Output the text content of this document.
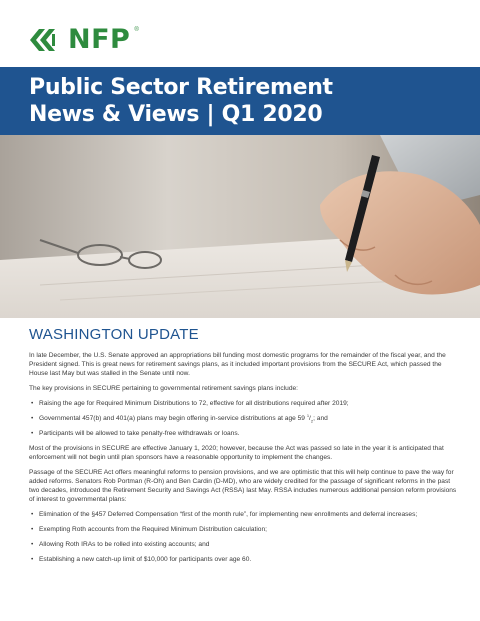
NFP ®
Public Sector Retirement
News & Views | Q1 2020
WASHINGTON UPDATE

In late December, the U.S. Senate approved an appropriations bill funding most domestic programs for the remainder of the fiscal year, and the President signed. This is great news for retirement savings plans, as it included important provisions from the SECURE Act, which passed the House last May but was stalled in the Senate until now.

The key provisions in SECURE pertaining to governmental retirement savings plans include:

• Raising the age for Required Minimum Distributions to 72, effective for all distributions required after 2019;
• Governmental 457(b) and 401(a) plans may begin offering in-service distributions at age 59 $^1/_2$; and
• Participants will be allowed to take penalty-free withdrawals or loans.

Most of the provisions in SECURE are effective January 1, 2020; however, because the Act was passed so late in the year it is anticipated that enforcement will not begin until plan sponsors have a reasonable opportunity to implement the changes.

Passage of the SECURE Act offers meaningful reforms to pension provisions, and we are optimistic that this will help continue to pave the way for added reforms. Senators Rob Portman (R-Oh) and Ben Cardin (D-MD), who are widely credited for the passage of significant reforms in the past two decades, introduced the Retirement Security and Savings Act (RSSA) last May. RSSA includes numerous additional pension reform provisions of interest to governmental plans:

• Elimination of the §457 Deferred Compensation “first of the month rule”, for implementing new enrollments and deferral increases;
• Exempting Roth accounts from the Required Minimum Distribution calculation;
• Allowing Roth IRAs to be rolled into existing accounts; and
• Establishing a new catch-up limit of $10,000 for participants over age 60.
